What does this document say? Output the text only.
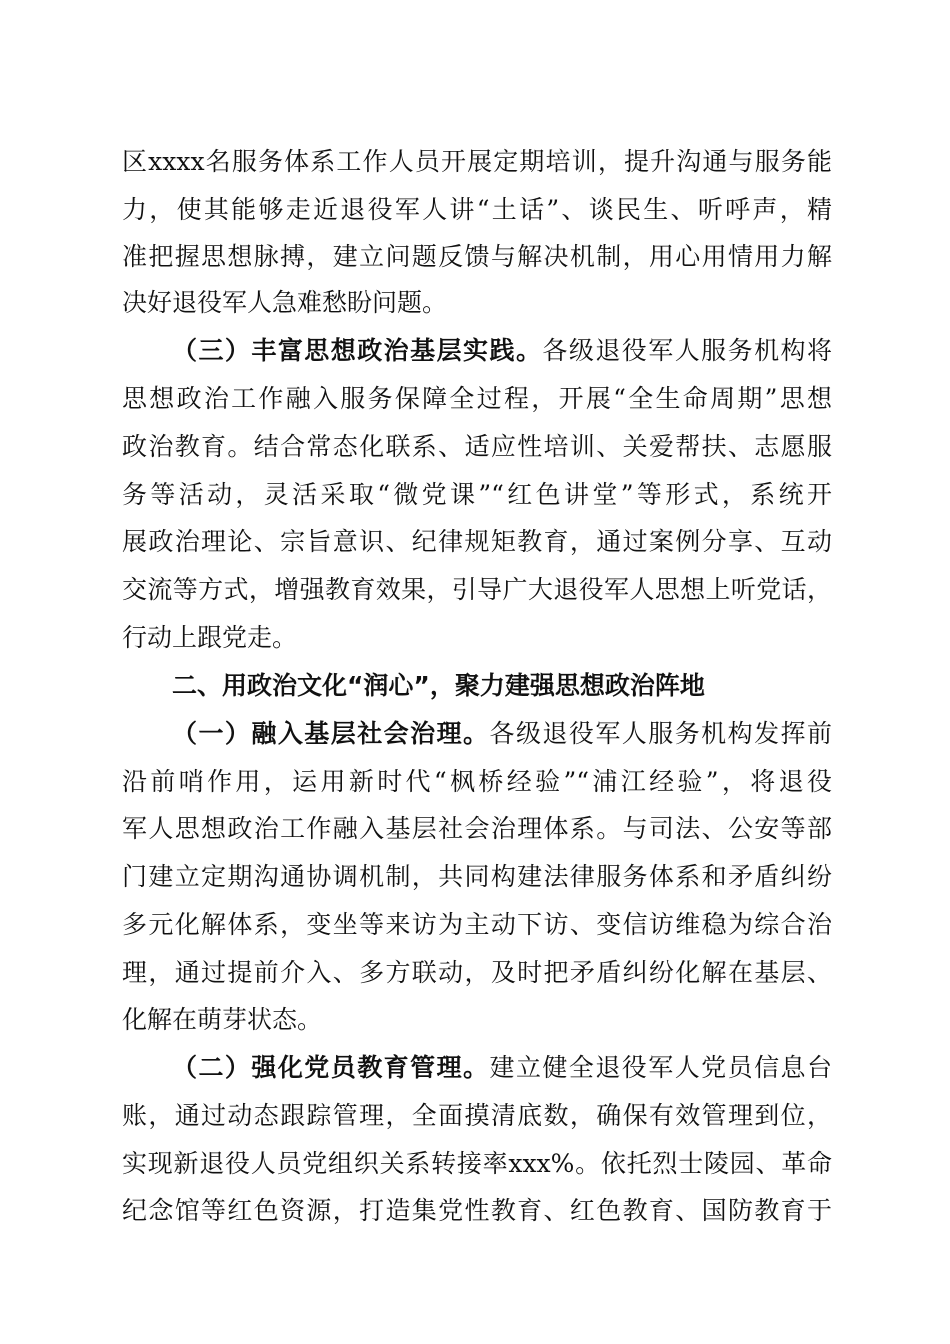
区xxxx名服务体系工作人员开展定期培训，提升沟通与服务能
力，使其能够走近退役军人讲“土话”、谈民生、听呼声，精
准把握思想脉搏，建立问题反馈与解决机制，用心用情用力解
决好退役军人急难愁盼问题。
（三）丰富思想政治基层实践。各级退役军人服务机构将
思想政治工作融入服务保障全过程，开展“全生命周期”思想
政治教育。结合常态化联系、适应性培训、关爱帮扶、志愿服
务等活动，灵活采取“微党课”“红色讲堂”等形式，系统开
展政治理论、宗旨意识、纪律规矩教育，通过案例分享、互动
交流等方式，增强教育效果，引导广大退役军人思想上听党话，
行动上跟党走。
二、用政治文化“润心”，聚力建强思想政治阵地
（一）融入基层社会治理。各级退役军人服务机构发挥前
沿前哨作用，运用新时代“枫桥经验”“浦江经验”，将退役
军人思想政治工作融入基层社会治理体系。与司法、公安等部
门建立定期沟通协调机制，共同构建法律服务体系和矛盾纠纷
多元化解体系，变坐等来访为主动下访、变信访维稳为综合治
理，通过提前介入、多方联动，及时把矛盾纠纷化解在基层、
化解在萌芽状态。
（二）强化党员教育管理。建立健全退役军人党员信息台
账，通过动态跟踪管理，全面摸清底数，确保有效管理到位，
实现新退役人员党组织关系转接率xxx%。依托烈士陵园、革命
纪念馆等红色资源，打造集党性教育、红色教育、国防教育于
